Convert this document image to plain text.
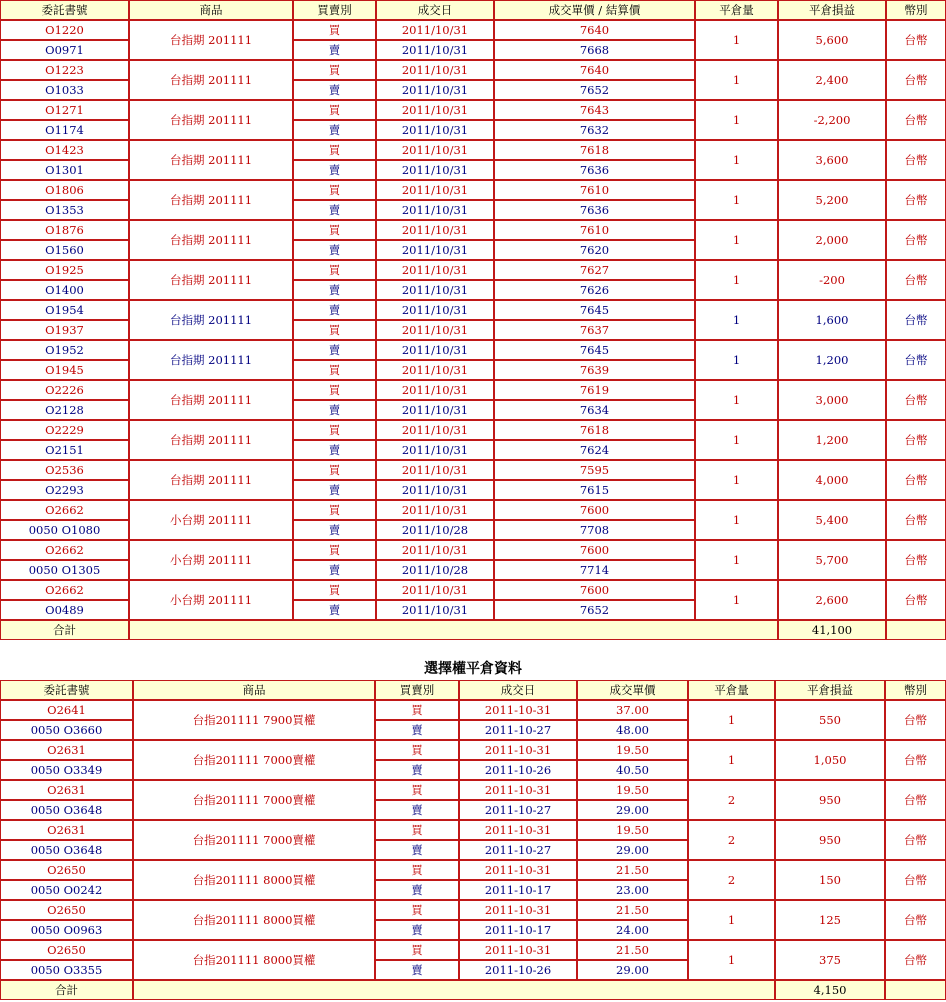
委託書號	商品	買賣別	成交日	成交單價 / 結算價	平倉量	平倉損益	幣別
O1220	台指期 201111	買	2011/10/31	7640	1	5,600	台幣
O0971		賣	2011/10/31	7668			
O1223	台指期 201111	買	2011/10/31	7640	1	2,400	台幣
O1033		賣	2011/10/31	7652			
O1271	台指期 201111	買	2011/10/31	7643	1	-2,200	台幣
O1174		賣	2011/10/31	7632			
O1423	台指期 201111	買	2011/10/31	7618	1	3,600	台幣
O1301		賣	2011/10/31	7636			
O1806	台指期 201111	買	2011/10/31	7610	1	5,200	台幣
O1353		賣	2011/10/31	7636			
O1876	台指期 201111	買	2011/10/31	7610	1	2,000	台幣
O1560		賣	2011/10/31	7620			
O1925	台指期 201111	買	2011/10/31	7627	1	-200	台幣
O1400		賣	2011/10/31	7626			
O1954	台指期 201111	賣	2011/10/31	7645	1	1,600	台幣
O1937		買	2011/10/31	7637			
O1952	台指期 201111	賣	2011/10/31	7645	1	1,200	台幣
O1945		買	2011/10/31	7639			
O2226	台指期 201111	買	2011/10/31	7619	1	3,000	台幣
O2128		賣	2011/10/31	7634			
O2229	台指期 201111	買	2011/10/31	7618	1	1,200	台幣
O2151		賣	2011/10/31	7624			
O2536	台指期 201111	買	2011/10/31	7595	1	4,000	台幣
O2293		賣	2011/10/31	7615			
O2662	小台期 201111	買	2011/10/31	7600	1	5,400	台幣
0050 O1080		賣	2011/10/28	7708			
O2662	小台期 201111	買	2011/10/31	7600	1	5,700	台幣
0050 O1305		賣	2011/10/28	7714			
O2662	小台期 201111	買	2011/10/31	7600	1	2,600	台幣
O0489		賣	2011/10/31	7652			
合計						41,100	
選擇權平倉資料
委託書號	商品	買賣別	成交日	成交單價	平倉量	平倉損益	幣別
O2641	台指201111 7900買權	買	2011-10-31	37.00	1	550	台幣
0050 O3660		賣	2011-10-27	48.00			
O2631	台指201111 7000賣權	買	2011-10-31	19.50	1	1,050	台幣
0050 O3349		賣	2011-10-26	40.50			
O2631	台指201111 7000賣權	買	2011-10-31	19.50	2	950	台幣
0050 O3648		賣	2011-10-27	29.00			
O2631	台指201111 7000賣權	買	2011-10-31	19.50	2	950	台幣
0050 O3648		賣	2011-10-27	29.00			
O2650	台指201111 8000買權	買	2011-10-31	21.50	2	150	台幣
0050 O0242		賣	2011-10-17	23.00			
O2650	台指201111 8000買權	買	2011-10-31	21.50	1	125	台幣
0050 O0963		賣	2011-10-17	24.00			
O2650	台指201111 8000買權	買	2011-10-31	21.50	1	375	台幣
0050 O3355		賣	2011-10-26	29.00			
合計						4,150	
